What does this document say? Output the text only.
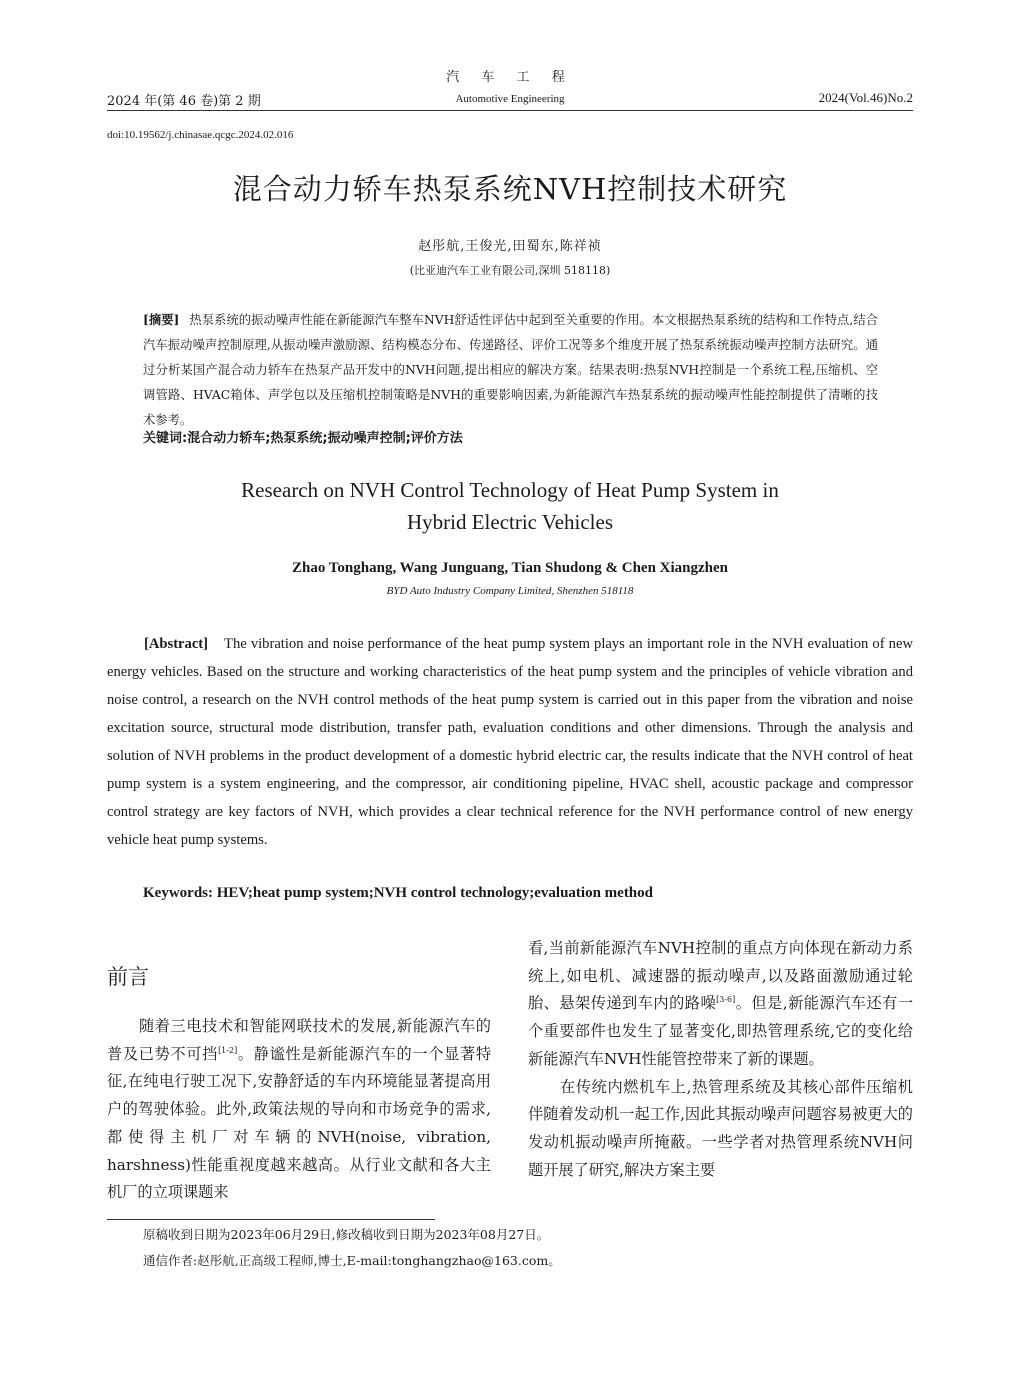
汽 车 工 程
2024 年(第 46 卷)第 2 期	Automotive Engineering	2024(Vol.46)No.2
doi:10.19562/j.chinasae.qcgc.2024.02.016
混合动力轿车热泵系统NVH控制技术研究
赵彤航,王俊光,田蜀东,陈祥祯
(比亚迪汽车工业有限公司,深圳 518118)
[摘要] 热泵系统的振动噪声性能在新能源汽车整车NVH舒适性评估中起到至关重要的作用。本文根据热泵系统的结构和工作特点,结合汽车振动噪声控制原理,从振动噪声激励源、结构模态分布、传递路径、评价工况等多个维度开展了热泵系统振动噪声控制方法研究。通过分析某国产混合动力轿车在热泵产品开发中的NVH问题,提出相应的解决方案。结果表明:热泵NVH控制是一个系统工程,压缩机、空调管路、HVAC箱体、声学包以及压缩机控制策略是NVH的重要影响因素,为新能源汽车热泵系统的振动噪声性能控制提供了清晰的技术参考。
关键词:混合动力轿车;热泵系统;振动噪声控制;评价方法
Research on NVH Control Technology of Heat Pump System in
Hybrid Electric Vehicles
Zhao Tonghang, Wang Junguang, Tian Shudong & Chen Xiangzhen
BYD Auto Industry Company Limited, Shenzhen 518118
[Abstract] The vibration and noise performance of the heat pump system plays an important role in the NVH evaluation of new energy vehicles. Based on the structure and working characteristics of the heat pump system and the principles of vehicle vibration and noise control, a research on the NVH control methods of the heat pump system is carried out in this paper from the vibration and noise excitation source, structural mode distribution, transfer path, evaluation conditions and other dimensions. Through the analysis and solution of NVH problems in the product development of a domestic hybrid electric car, the results indicate that the NVH control of heat pump system is a system engineering, and the compressor, air conditioning pipeline, HVAC shell, acoustic package and compressor control strategy are key factors of NVH, which provides a clear technical reference for the NVH performance control of new energy vehicle heat pump systems.
Keywords: HEV;heat pump system;NVH control technology;evaluation method
前言
随着三电技术和智能网联技术的发展,新能源汽车的普及已势不可挡[1-2]。静谧性是新能源汽车的一个显著特征,在纯电行驶工况下,安静舒适的车内环境能显著提高用户的驾驶体验。此外,政策法规的导向和市场竞争的需求,都使得主机厂对车辆的NVH(noise, vibration, harshness)性能重视度越来越高。从行业文献和各大主机厂的立项课题来

看,当前新能源汽车NVH控制的重点方向体现在新动力系统上,如电机、减速器的振动噪声,以及路面激励通过轮胎、悬架传递到车内的路噪[3-6]。但是,新能源汽车还有一个重要部件也发生了显著变化,即热管理系统,它的变化给新能源汽车NVH性能管控带来了新的课题。

在传统内燃机车上,热管理系统及其核心部件压缩机伴随着发动机一起工作,因此其振动噪声问题容易被更大的发动机振动噪声所掩蔽。一些学者对热管理系统NVH问题开展了研究,解决方案主要

原稿收到日期为2023年06月29日,修改稿收到日期为2023年08月27日。
通信作者:赵彤航,正高级工程师,博士,E-mail:tonghangzhao@163.com。
